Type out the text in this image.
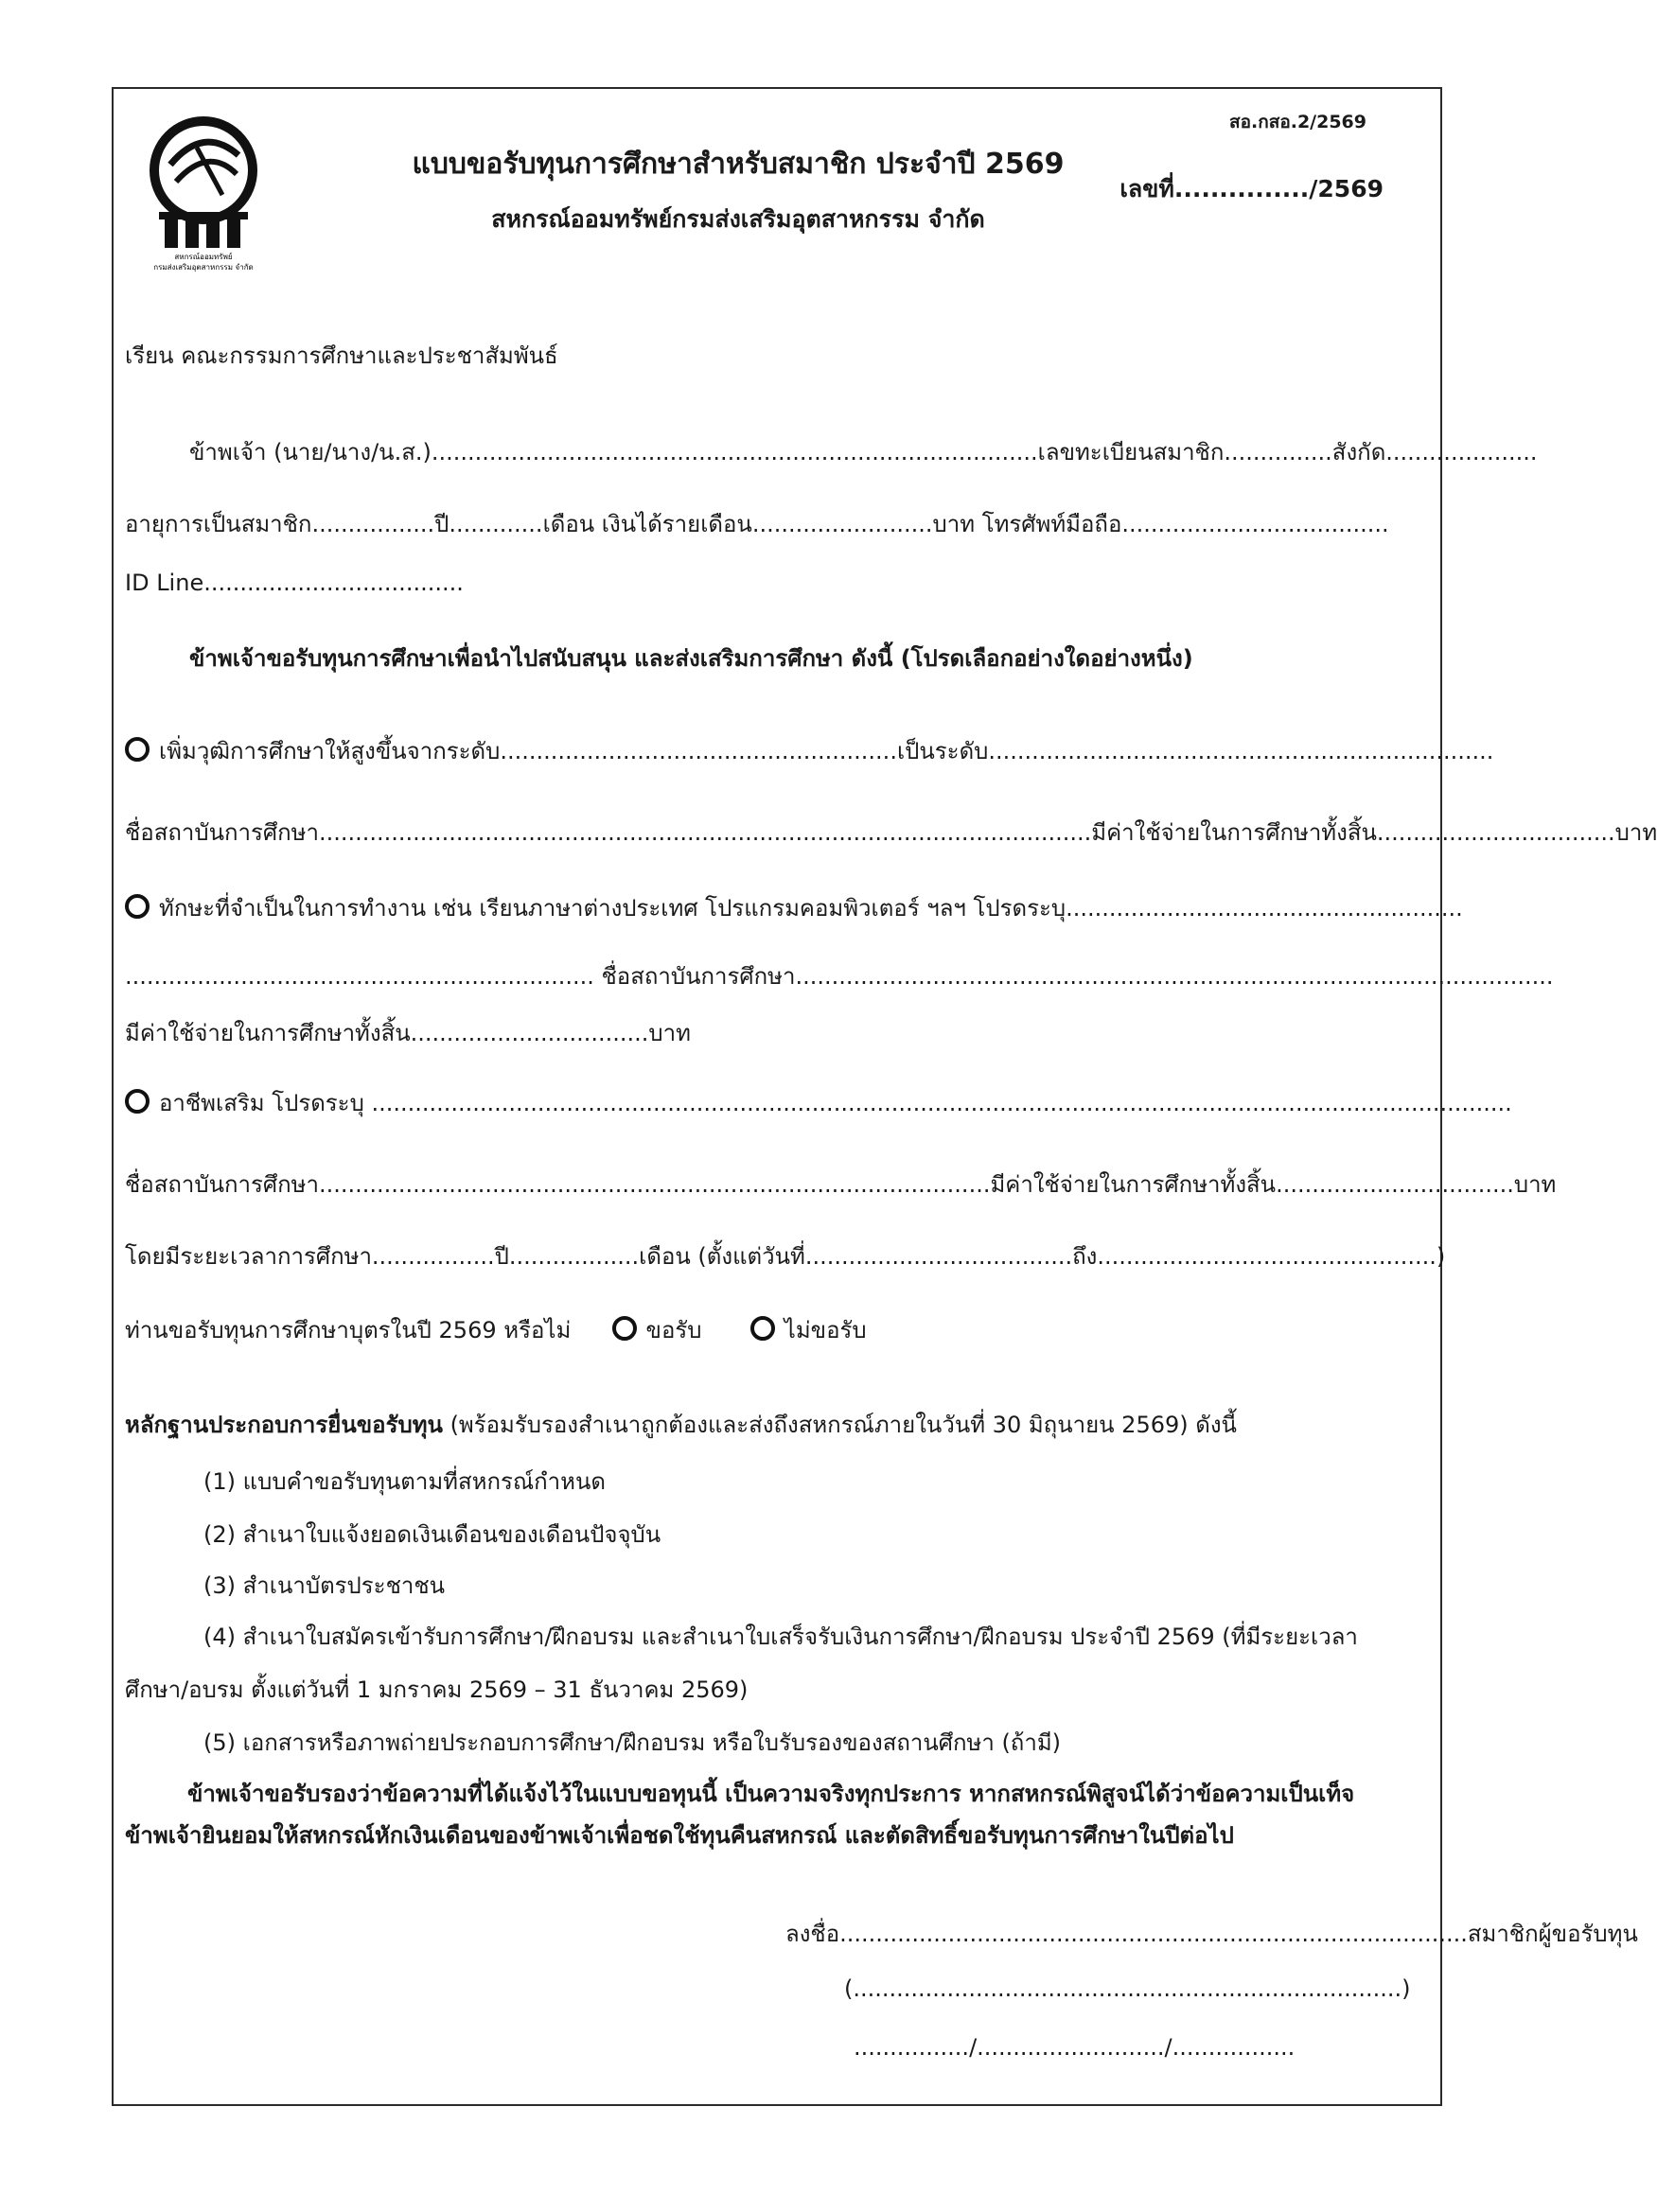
สหกรณ์ออมทรัพย์
กรมส่งเสริมอุตสาหกรรม จำกัด
สอ.กสอ.2/2569
แบบขอรับทุนการศึกษาสำหรับสมาชิก ประจำปี 2569
เลขที่.............../2569
สหกรณ์ออมทรัพย์กรมส่งเสริมอุตสาหกรรม จำกัด
เรียน คณะกรรมการศึกษาและประชาสัมพันธ์
ข้าพเจ้า (นาย/นาง/น.ส.)....................................................................................เลขทะเบียนสมาชิก...............สังกัด.....................
อายุการเป็นสมาชิก.................ปี.............เดือน เงินได้รายเดือน.........................บาท โทรศัพท์มือถือ.....................................
ID Line....................................
ข้าพเจ้าขอรับทุนการศึกษาเพื่อนำไปสนับสนุน และส่งเสริมการศึกษา ดังนี้ (โปรดเลือกอย่างใดอย่างหนึ่ง)
เพิ่มวุฒิการศึกษาให้สูงขึ้นจากระดับ.......................................................เป็นระดับ......................................................................
ชื่อสถาบันการศึกษา...........................................................................................................มีค่าใช้จ่ายในการศึกษาทั้งสิ้น.................................บาท
ทักษะที่จำเป็นในการทำงาน เช่น เรียนภาษาต่างประเทศ โปรแกรมคอมพิวเตอร์ ฯลฯ โปรดระบุ.......................................................
................................................................. ชื่อสถาบันการศึกษา.........................................................................................................
มีค่าใช้จ่ายในการศึกษาทั้งสิ้น.................................บาท
อาชีพเสริม โปรดระบุ ..............................................................................................................................................................
ชื่อสถาบันการศึกษา.............................................................................................มีค่าใช้จ่ายในการศึกษาทั้งสิ้น.................................บาท
โดยมีระยะเวลาการศึกษา.................ปี..................เดือน (ตั้งแต่วันที่.....................................ถึง...............................................)
ท่านขอรับทุนการศึกษาบุตรในปี 2569 หรือไม่	ขอรับ	ไม่ขอรับ
หลักฐานประกอบการยื่นขอรับทุน (พร้อมรับรองสำเนาถูกต้องและส่งถึงสหกรณ์ภายในวันที่ 30 มิถุนายน 2569) ดังนี้
(1) แบบคำขอรับทุนตามที่สหกรณ์กำหนด
(2) สำเนาใบแจ้งยอดเงินเดือนของเดือนปัจจุบัน
(3) สำเนาบัตรประชาชน
(4) สำเนาใบสมัครเข้ารับการศึกษา/ฝึกอบรม และสำเนาใบเสร็จรับเงินการศึกษา/ฝึกอบรม ประจำปี 2569 (ที่มีระยะเวลา
ศึกษา/อบรม ตั้งแต่วันที่ 1 มกราคม 2569 – 31 ธันวาคม 2569)
(5) เอกสารหรือภาพถ่ายประกอบการศึกษา/ฝึกอบรม หรือใบรับรองของสถานศึกษา (ถ้ามี)
ข้าพเจ้าขอรับรองว่าข้อความที่ได้แจ้งไว้ในแบบขอทุนนี้ เป็นความจริงทุกประการ หากสหกรณ์พิสูจน์ได้ว่าข้อความเป็นเท็จ ข้าพเจ้ายินยอมให้สหกรณ์หักเงินเดือนของข้าพเจ้าเพื่อชดใช้ทุนคืนสหกรณ์ และตัดสิทธิ์ขอรับทุนการศึกษาในปีต่อไป
ลงชื่อ.......................................................................................สมาชิกผู้ขอรับทุน
(............................................................................)
................/........................../.................
